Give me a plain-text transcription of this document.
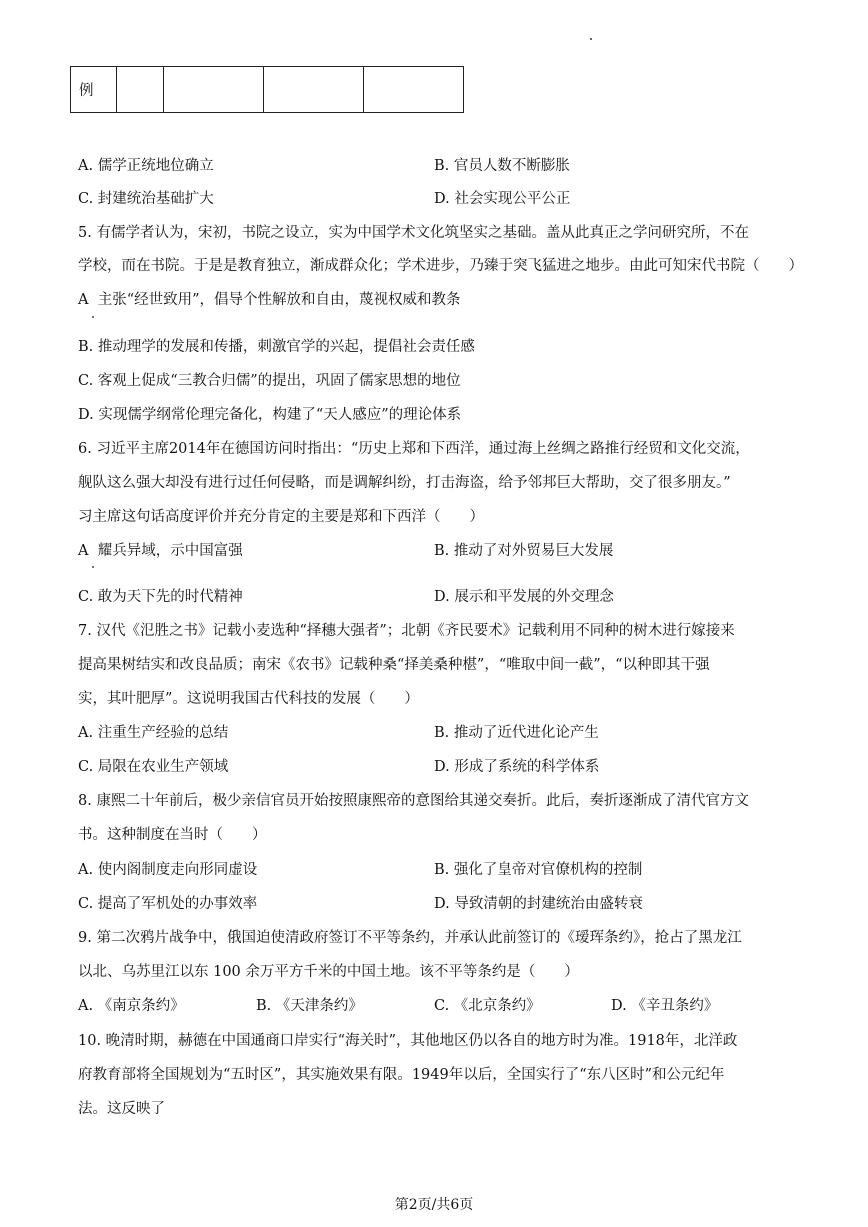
例				
A. 儒学正统地位确立	B. 官员人数不断膨胀
C. 封建统治基础扩大	D. 社会实现公平公正
5. 有儒学者认为，宋初，书院之设立，实为中国学术文化筑坚实之基础。盖从此真正之学问研究所，不在
学校，而在书院。于是是教育独立，渐成群众化；学术进步，乃臻于突飞猛进之地步。由此可知宋代书院（　　）
A 主张“经世致用”，倡导个性解放和自由，蔑视权威和教条
B. 推动理学的发展和传播，刺激官学的兴起，提倡社会责任感
C. 客观上促成“三教合归儒”的提出，巩固了儒家思想的地位
D. 实现儒学纲常伦理完备化，构建了“天人感应”的理论体系
6. 习近平主席2014年在德国访问时指出：“历史上郑和下西洋，通过海上丝绸之路推行经贸和文化交流，
舰队这么强大却没有进行过任何侵略，而是调解纠纷，打击海盗，给予邻邦巨大帮助，交了很多朋友。”
习主席这句话高度评价并充分肯定的主要是郑和下西洋（　　）
A 耀兵异域，示中国富强	B. 推动了对外贸易巨大发展
C. 敢为天下先的时代精神	D. 展示和平发展的外交理念
7. 汉代《氾胜之书》记载小麦选种“择穗大强者”；北朝《齐民要术》记载利用不同种的树木进行嫁接来
提高果树结实和改良品质；南宋《农书》记载种桑“择美桑种椹”，“唯取中间一截”，“以种即其干强
实，其叶肥厚”。这说明我国古代科技的发展（　　）
A. 注重生产经验的总结	B. 推动了近代进化论产生
C. 局限在农业生产领域	D. 形成了系统的科学体系
8. 康熙二十年前后，极少亲信官员开始按照康熙帝的意图给其递交奏折。此后，奏折逐渐成了清代官方文
书。这种制度在当时（　　）
A. 使内阁制度走向形同虚设	B. 强化了皇帝对官僚机构的控制
C. 提高了军机处的办事效率	D. 导致清朝的封建统治由盛转衰
9. 第二次鸦片战争中，俄国迫使清政府签订不平等条约，并承认此前签订的《瑷珲条约》，抢占了黑龙江
以北、乌苏里江以东 100 余万平方千米的中国土地。该不平等条约是（　　）
A. 《南京条约》	B. 《天津条约》	C. 《北京条约》	D. 《辛丑条约》
10. 晚清时期，赫德在中国通商口岸实行“海关时”，其他地区仍以各自的地方时为准。1918年，北洋政
府教育部将全国规划为“五时区”，其实施效果有限。1949年以后，全国实行了“东八区时”和公元纪年
法。这反映了
第2页/共6页
